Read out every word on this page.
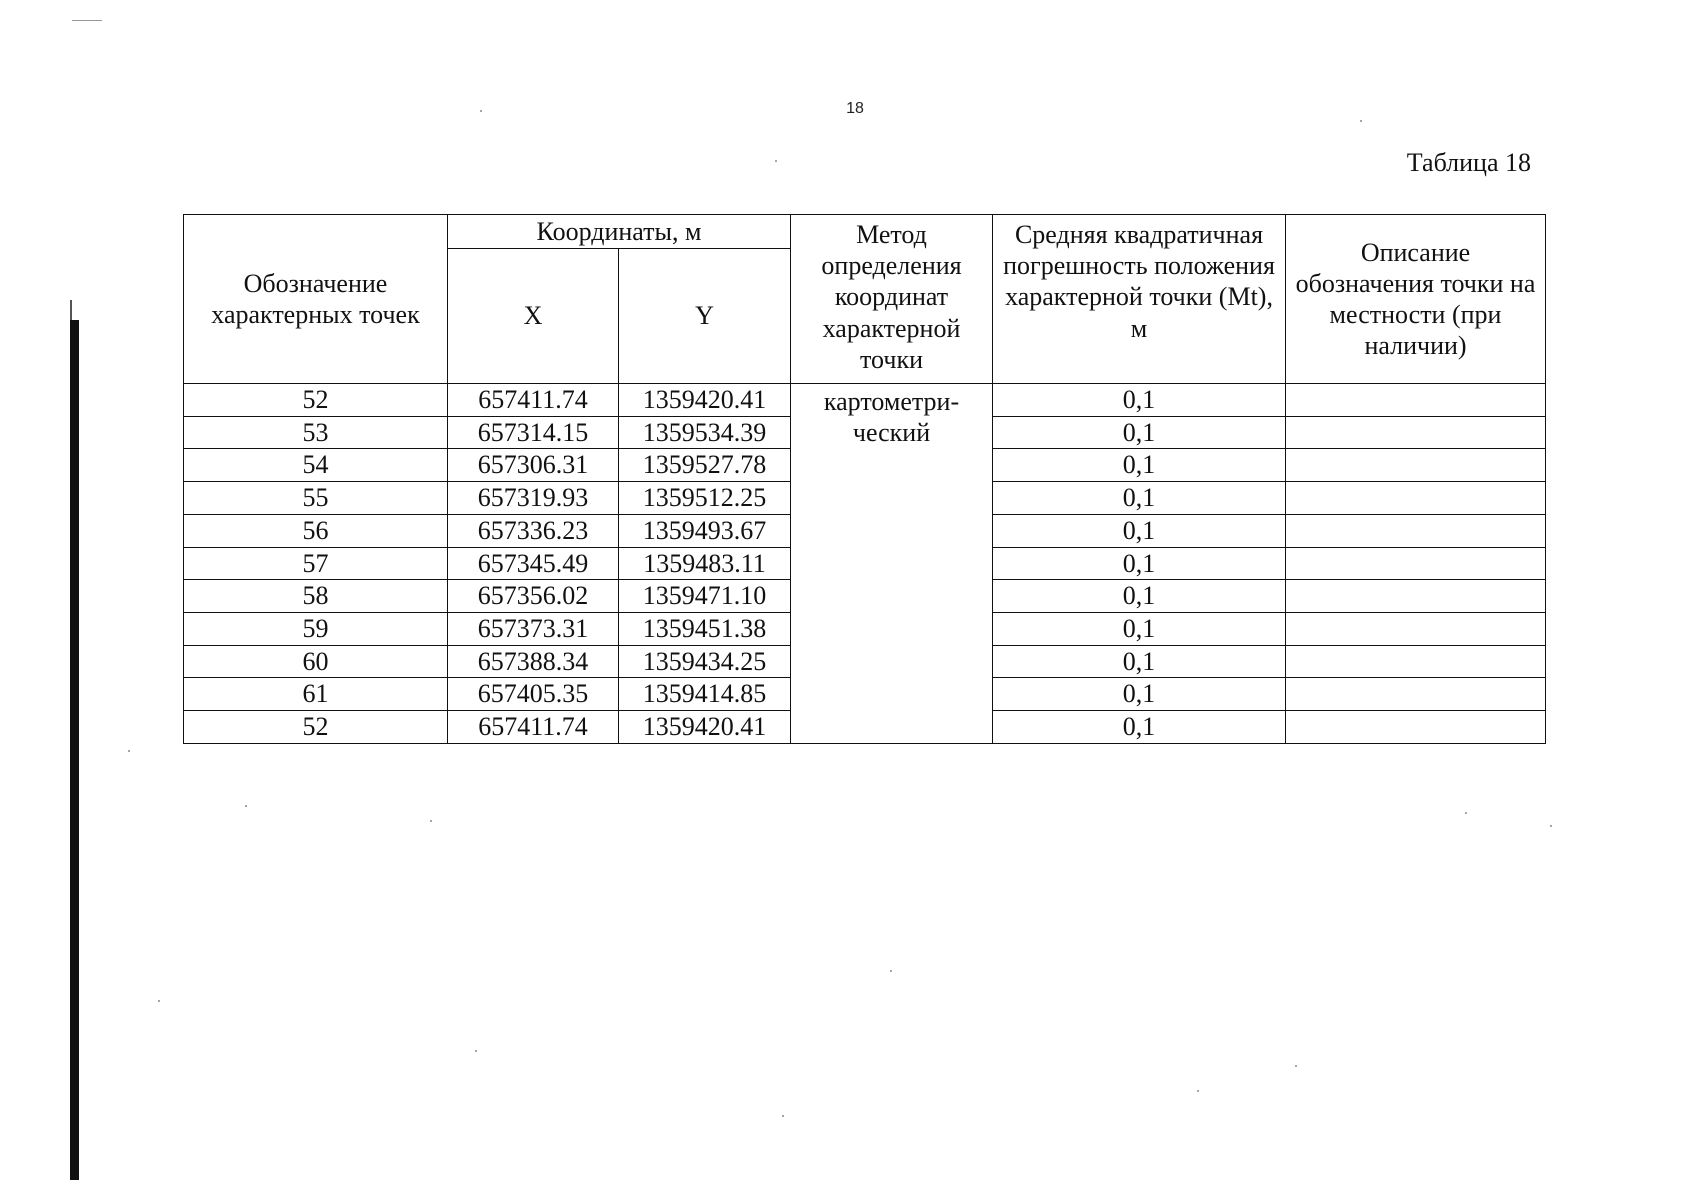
18
Таблица 18
Обозначение характерных точек	Координаты, м		Метод определения координат характерной точки	Средняя квадратичная погрешность положения характерной точки (Mt), м	Описание обозначения точки на местности (при наличии)
	X	Y			
52	657411.74	1359420.41	картометри-ческий	0,1	
53	657314.15	1359534.39		0,1	
54	657306.31	1359527.78		0,1	
55	657319.93	1359512.25		0,1	
56	657336.23	1359493.67		0,1	
57	657345.49	1359483.11		0,1	
58	657356.02	1359471.10		0,1	
59	657373.31	1359451.38		0,1	
60	657388.34	1359434.25		0,1	
61	657405.35	1359414.85		0,1	
52	657411.74	1359420.41		0,1	
